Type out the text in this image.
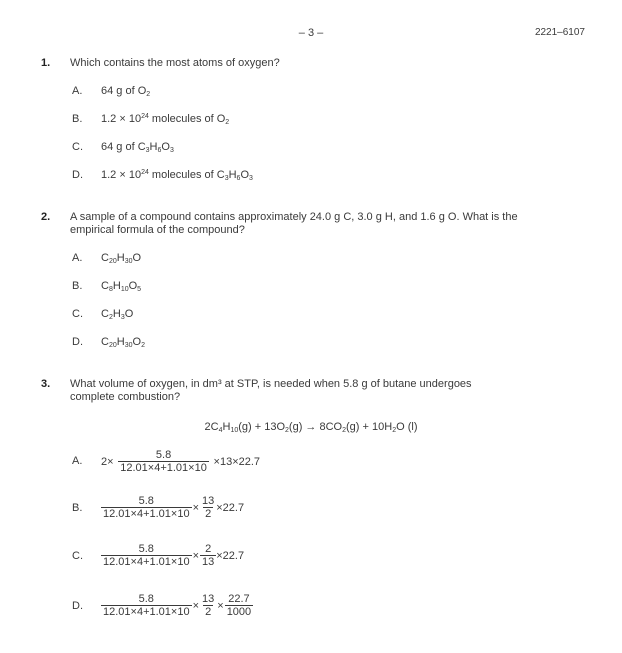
– 3 –	2221–6107
1. Which contains the most atoms of oxygen?
A. 64 g of $O_2$
B. $1.2 \times 10^{24}$ molecules of $O_2$
C. 64 g of $C_3H_6O_3$
D. $1.2 \times 10^{24}$ molecules of $C_3H_6O_3$
2. A sample of a compound contains approximately 24.0 g C, 3.0 g H, and 1.6 g O. What is the empirical formula of the compound?
A. $C_{20}H_{30}O$
B. $C_8H_{10}O_5$
C. $C_2H_3O$
D. $C_{20}H_{30}O_2$
3. What volume of oxygen, in dm³ at STP, is needed when 5.8 g of butane undergoes complete combustion?
$2C_4H_{10}(g) + 13O_2(g) \to 8CO_2(g) + 10H_2O$ (l)
A. $2\times \frac{5.8}{12.01\times 4+1.01\times 10} \times 13\times 22.7$
B. $\frac{5.8}{12.01\times 4+1.01\times 10} \times \frac{13}{2} \times 22.7$
C. $\frac{5.8}{12.01\times 4+1.01\times 10} \times \frac{2}{13} \times 22.7$
D. $\frac{5.8}{12.01\times 4+1.01\times 10} \times \frac{13}{2} \times \frac{22.7}{1000}$
